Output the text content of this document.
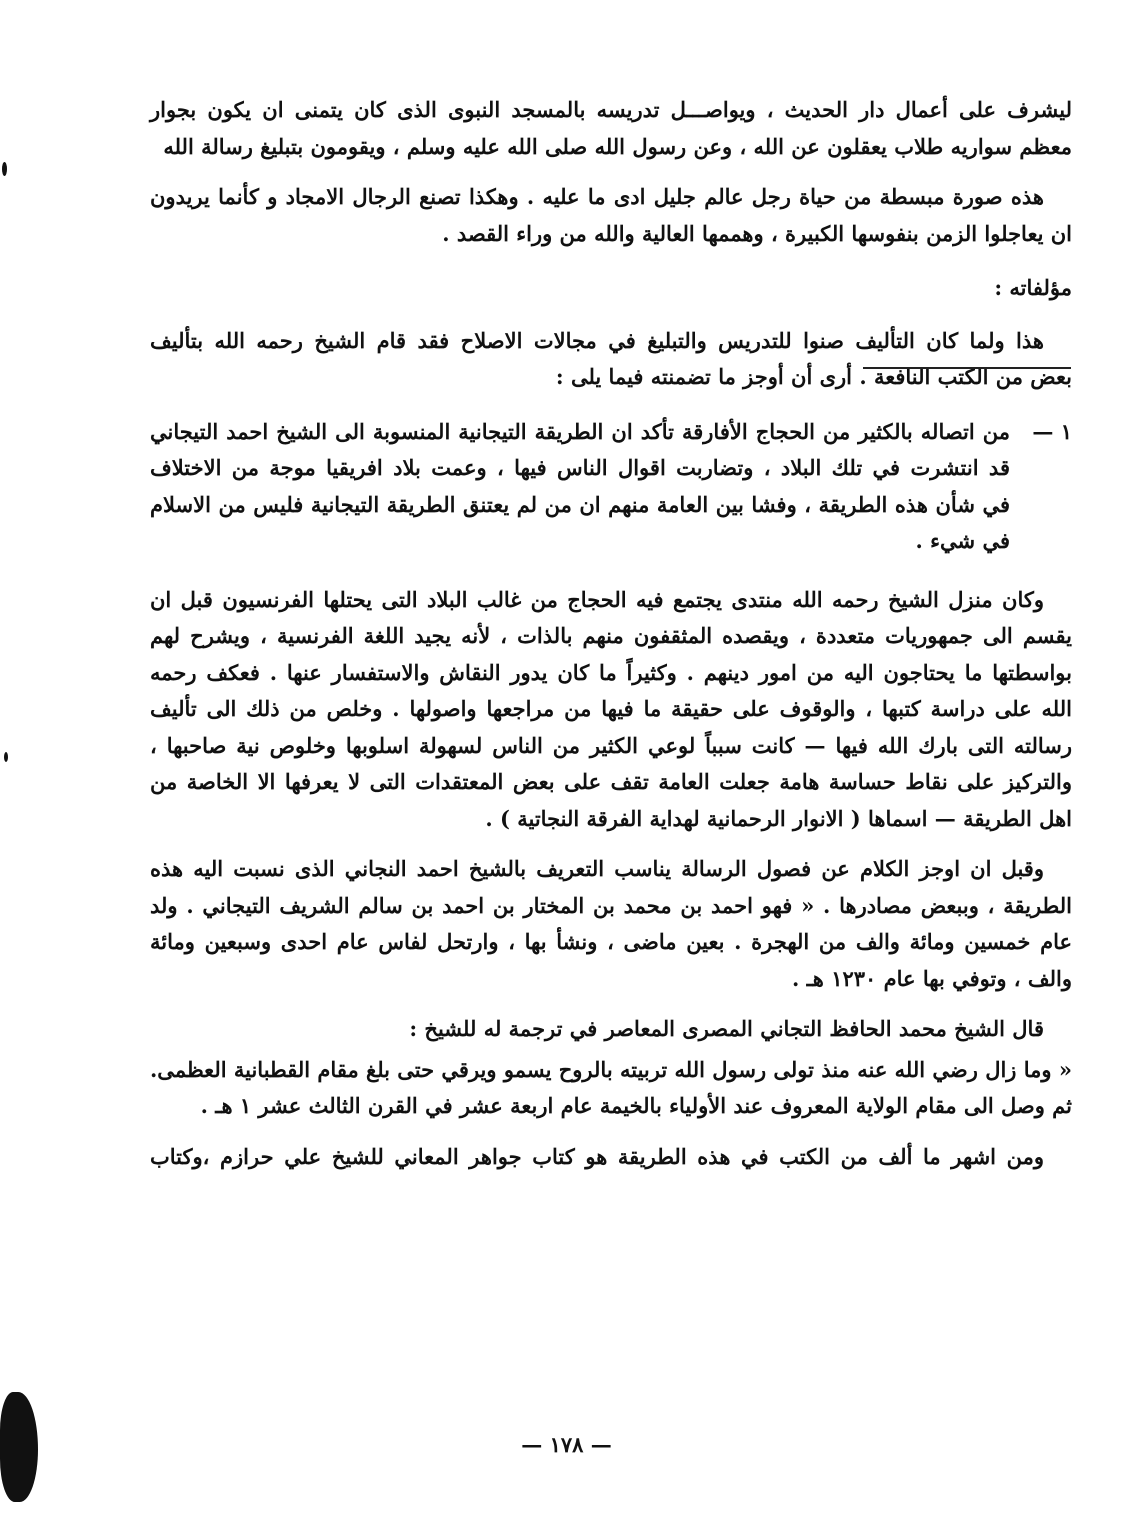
ليشرف على أعمال دار الحديث ، ويواصـــل تدريسه بالمسجد النبوى الذى كان يتمنى ان يكون بجوار
معظم سواريه طلاب يعقلون عن الله ، وعن رسول الله صلى الله عليه وسلم ، ويقومون بتبليغ رسالة الله
هذه صورة مبسطة من حياة رجل عالم جليل ادى ما عليه . وهكذا تصنع الرجال الامجاد و كأنما يريدون
ان يعاجلوا الزمن بنفوسها الكبيرة ، وهممها العالية والله من وراء القصد .
مؤلفاته :
هذا ولما كان التأليف صنوا للتدريس والتبليغ في مجالات الاصلاح فقد قام الشيخ رحمه الله بتأليف
بعض من الكتب النافعة . أرى أن أوجز ما تضمنته فيما يلى :
١ —
من اتصاله بالكثير من الحجاج الأفارقة تأكد ان الطريقة التيجانية المنسوبة الى الشيخ احمد التيجاني
قد انتشرت في تلك البلاد ، وتضاربت اقوال الناس فيها ، وعمت بلاد افريقيا موجة من الاختلاف
في شأن هذه الطريقة ، وفشا بين العامة منهم ان من لم يعتنق الطريقة التيجانية فليس من الاسلام
في شيء .
وكان منزل الشيخ رحمه الله منتدى يجتمع فيه الحجاج من غالب البلاد التى يحتلها الفرنسيون قبل ان
يقسم الى جمهوريات متعددة ، ويقصده المثقفون منهم بالذات ، لأنه يجيد اللغة الفرنسية ، ويشرح لهم
بواسطتها ما يحتاجون اليه من امور دينهم . وكثيراً ما كان يدور النقاش والاستفسار عنها . فعكف رحمه
الله على دراسة كتبها ، والوقوف على حقيقة ما فيها من مراجعها واصولها . وخلص من ذلك الى تأليف
رسالته التى بارك الله فيها — كانت سبباً لوعي الكثير من الناس لسهولة اسلوبها وخلوص نية صاحبها ،
والتركيز على نقاط حساسة هامة جعلت العامة تقف على بعض المعتقدات التى لا يعرفها الا الخاصة من
اهل الطريقة — اسماها ( الانوار الرحمانية لهداية الفرقة النجاتية ) .
وقبل ان اوجز الكلام عن فصول الرسالة يناسب التعريف بالشيخ احمد النجاني الذى نسبت اليه هذه
الطريقة ، وببعض مصادرها . « فهو احمد بن محمد بن المختار بن احمد بن سالم الشريف التيجاني . ولد
عام خمسين ومائة والف من الهجرة . بعين ماضى ، ونشأ بها ، وارتحل لفاس عام احدى وسبعين ومائة
والف ، وتوفي بها عام ١٢٣٠ هـ .
قال الشيخ محمد الحافظ التجاني المصرى المعاصر في ترجمة له للشيخ :
« وما زال رضي الله عنه منذ تولى رسول الله تربيته بالروح يسمو ويرقي حتى بلغ مقام القطبانية العظمى.
ثم وصل الى مقام الولاية المعروف عند الأولياء بالخيمة عام اربعة عشر في القرن الثالث عشر ١ هـ .
ومن اشهر ما ألف من الكتب في هذه الطريقة هو كتاب جواهر المعاني للشيخ علي حرازم ،وكتاب
— ١٧٨ —
